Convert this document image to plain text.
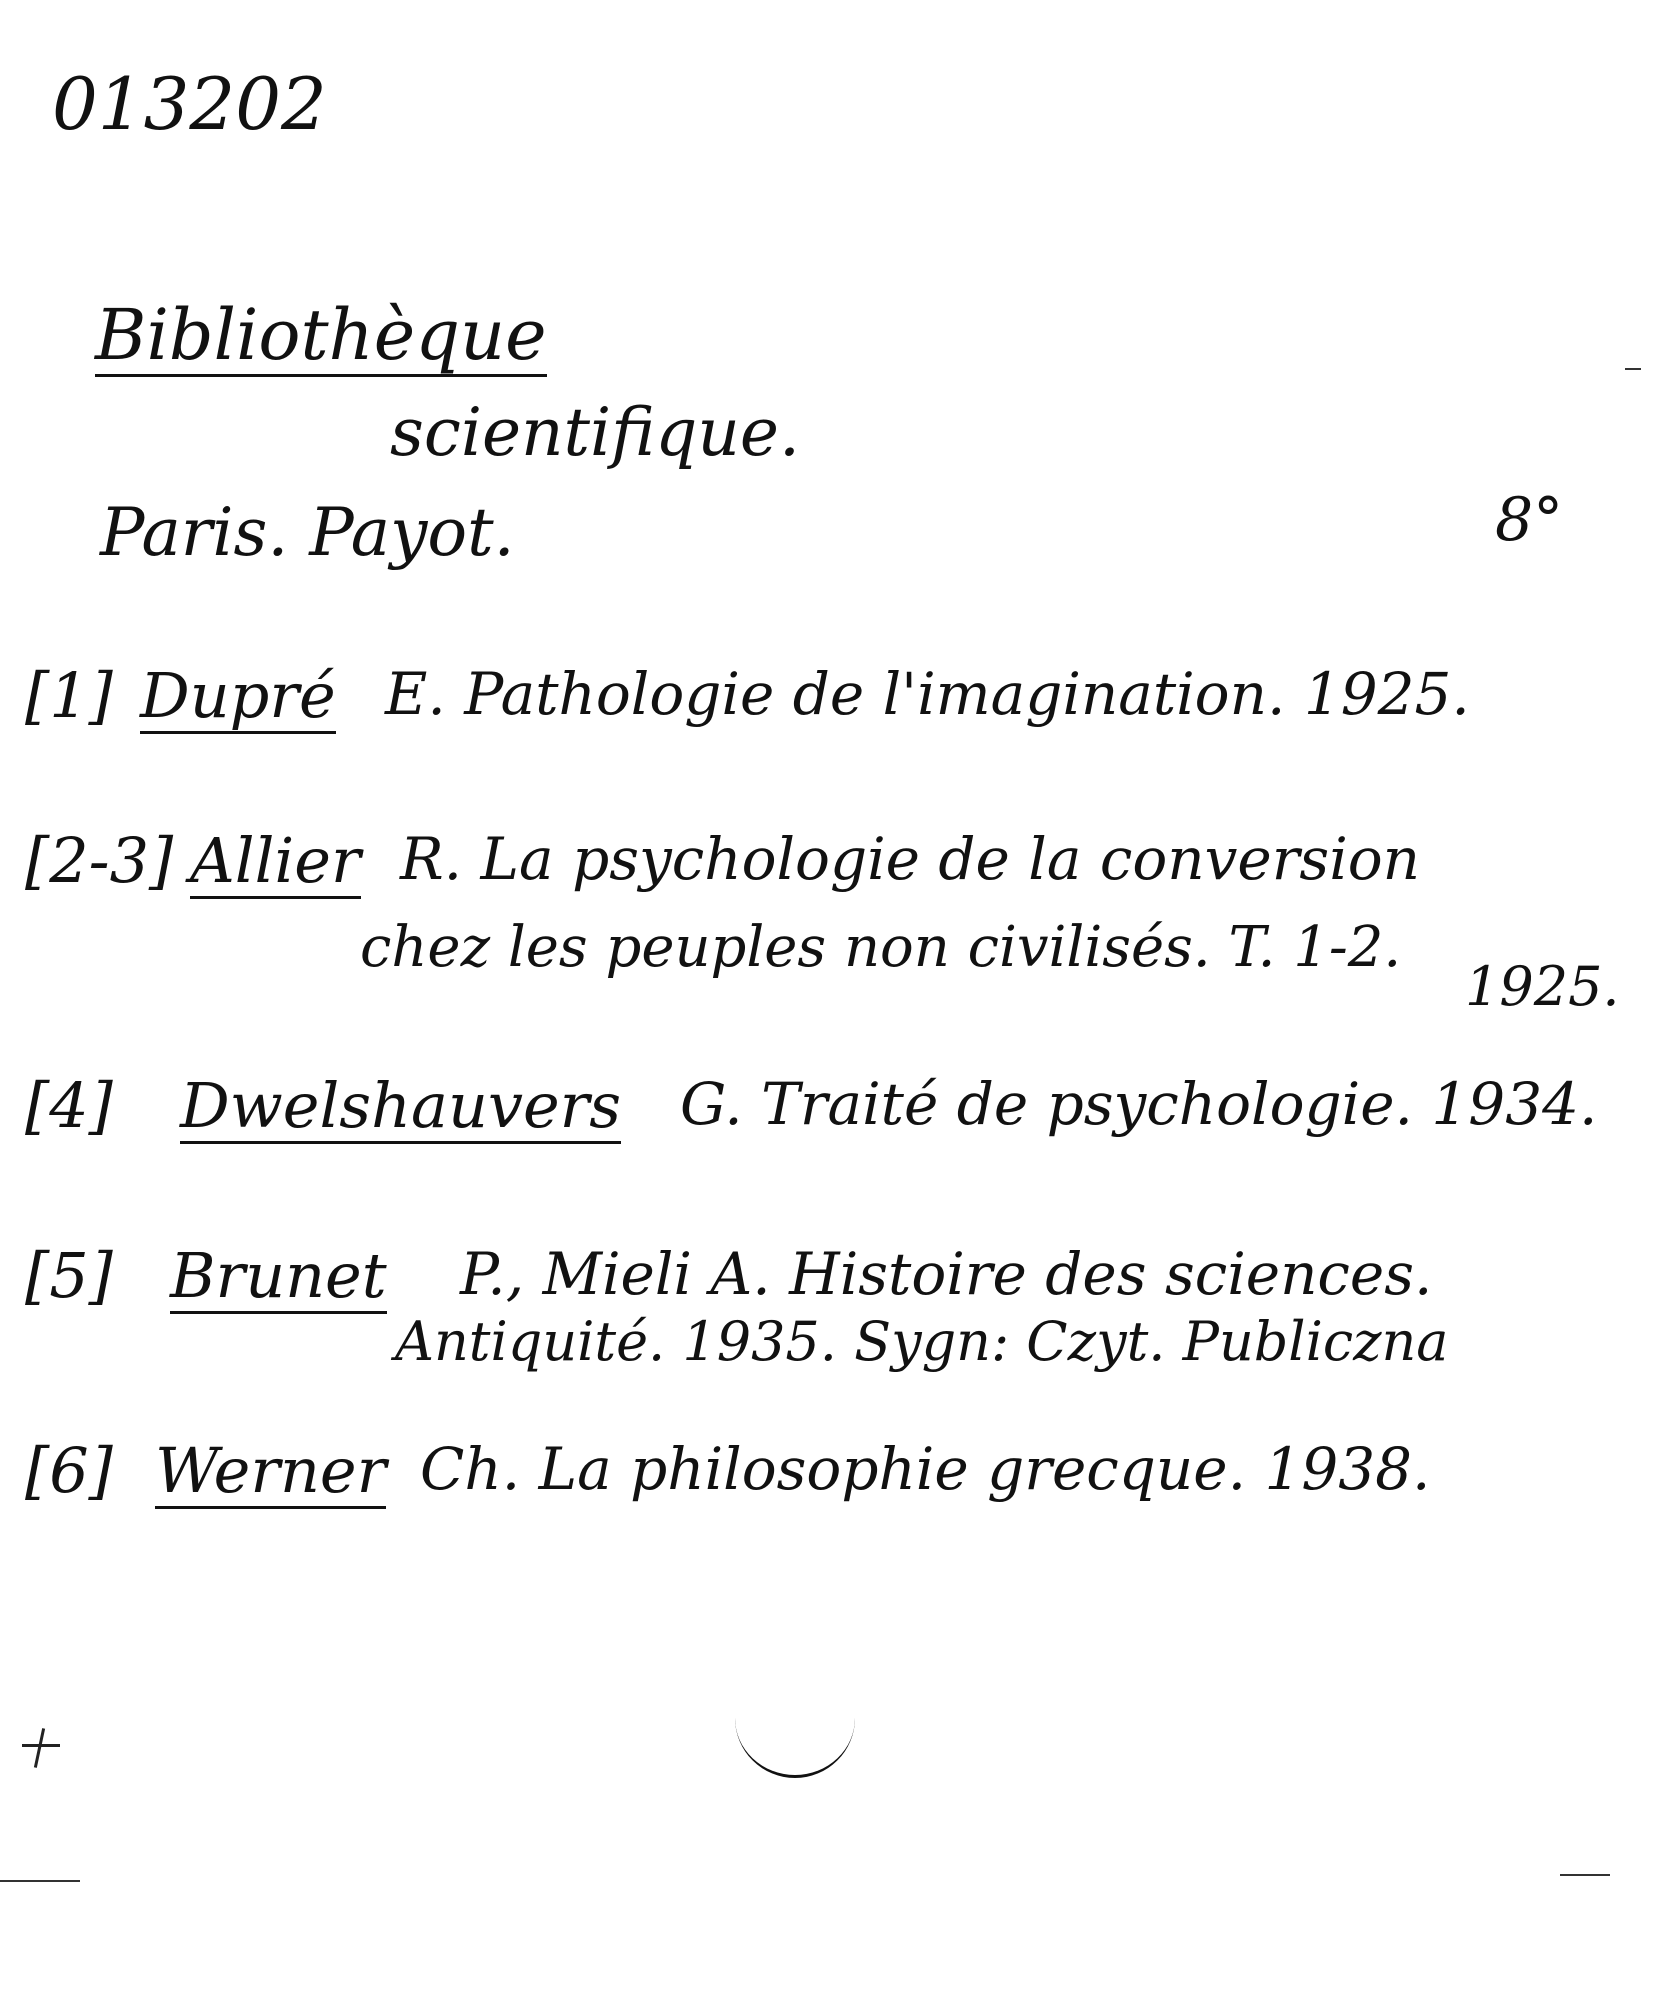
013202
Bibliothèque
scientifique.
Paris. Payot.	8°
[1] Dupré E. Pathologie de l'imagination. 1925.
[2-3] Allier R. La psychologie de la conversion
chez les peuples non civilisés. T. 1-2.
1925.
[4] Dwelshauvers G. Traité de psychologie. 1934.
[5] Brunet P., Mieli A. Histoire des sciences.
Antiquité. 1935. Sygn: Czyt. Publiczna
[6] Werner Ch. La philosophie grecque. 1938.
